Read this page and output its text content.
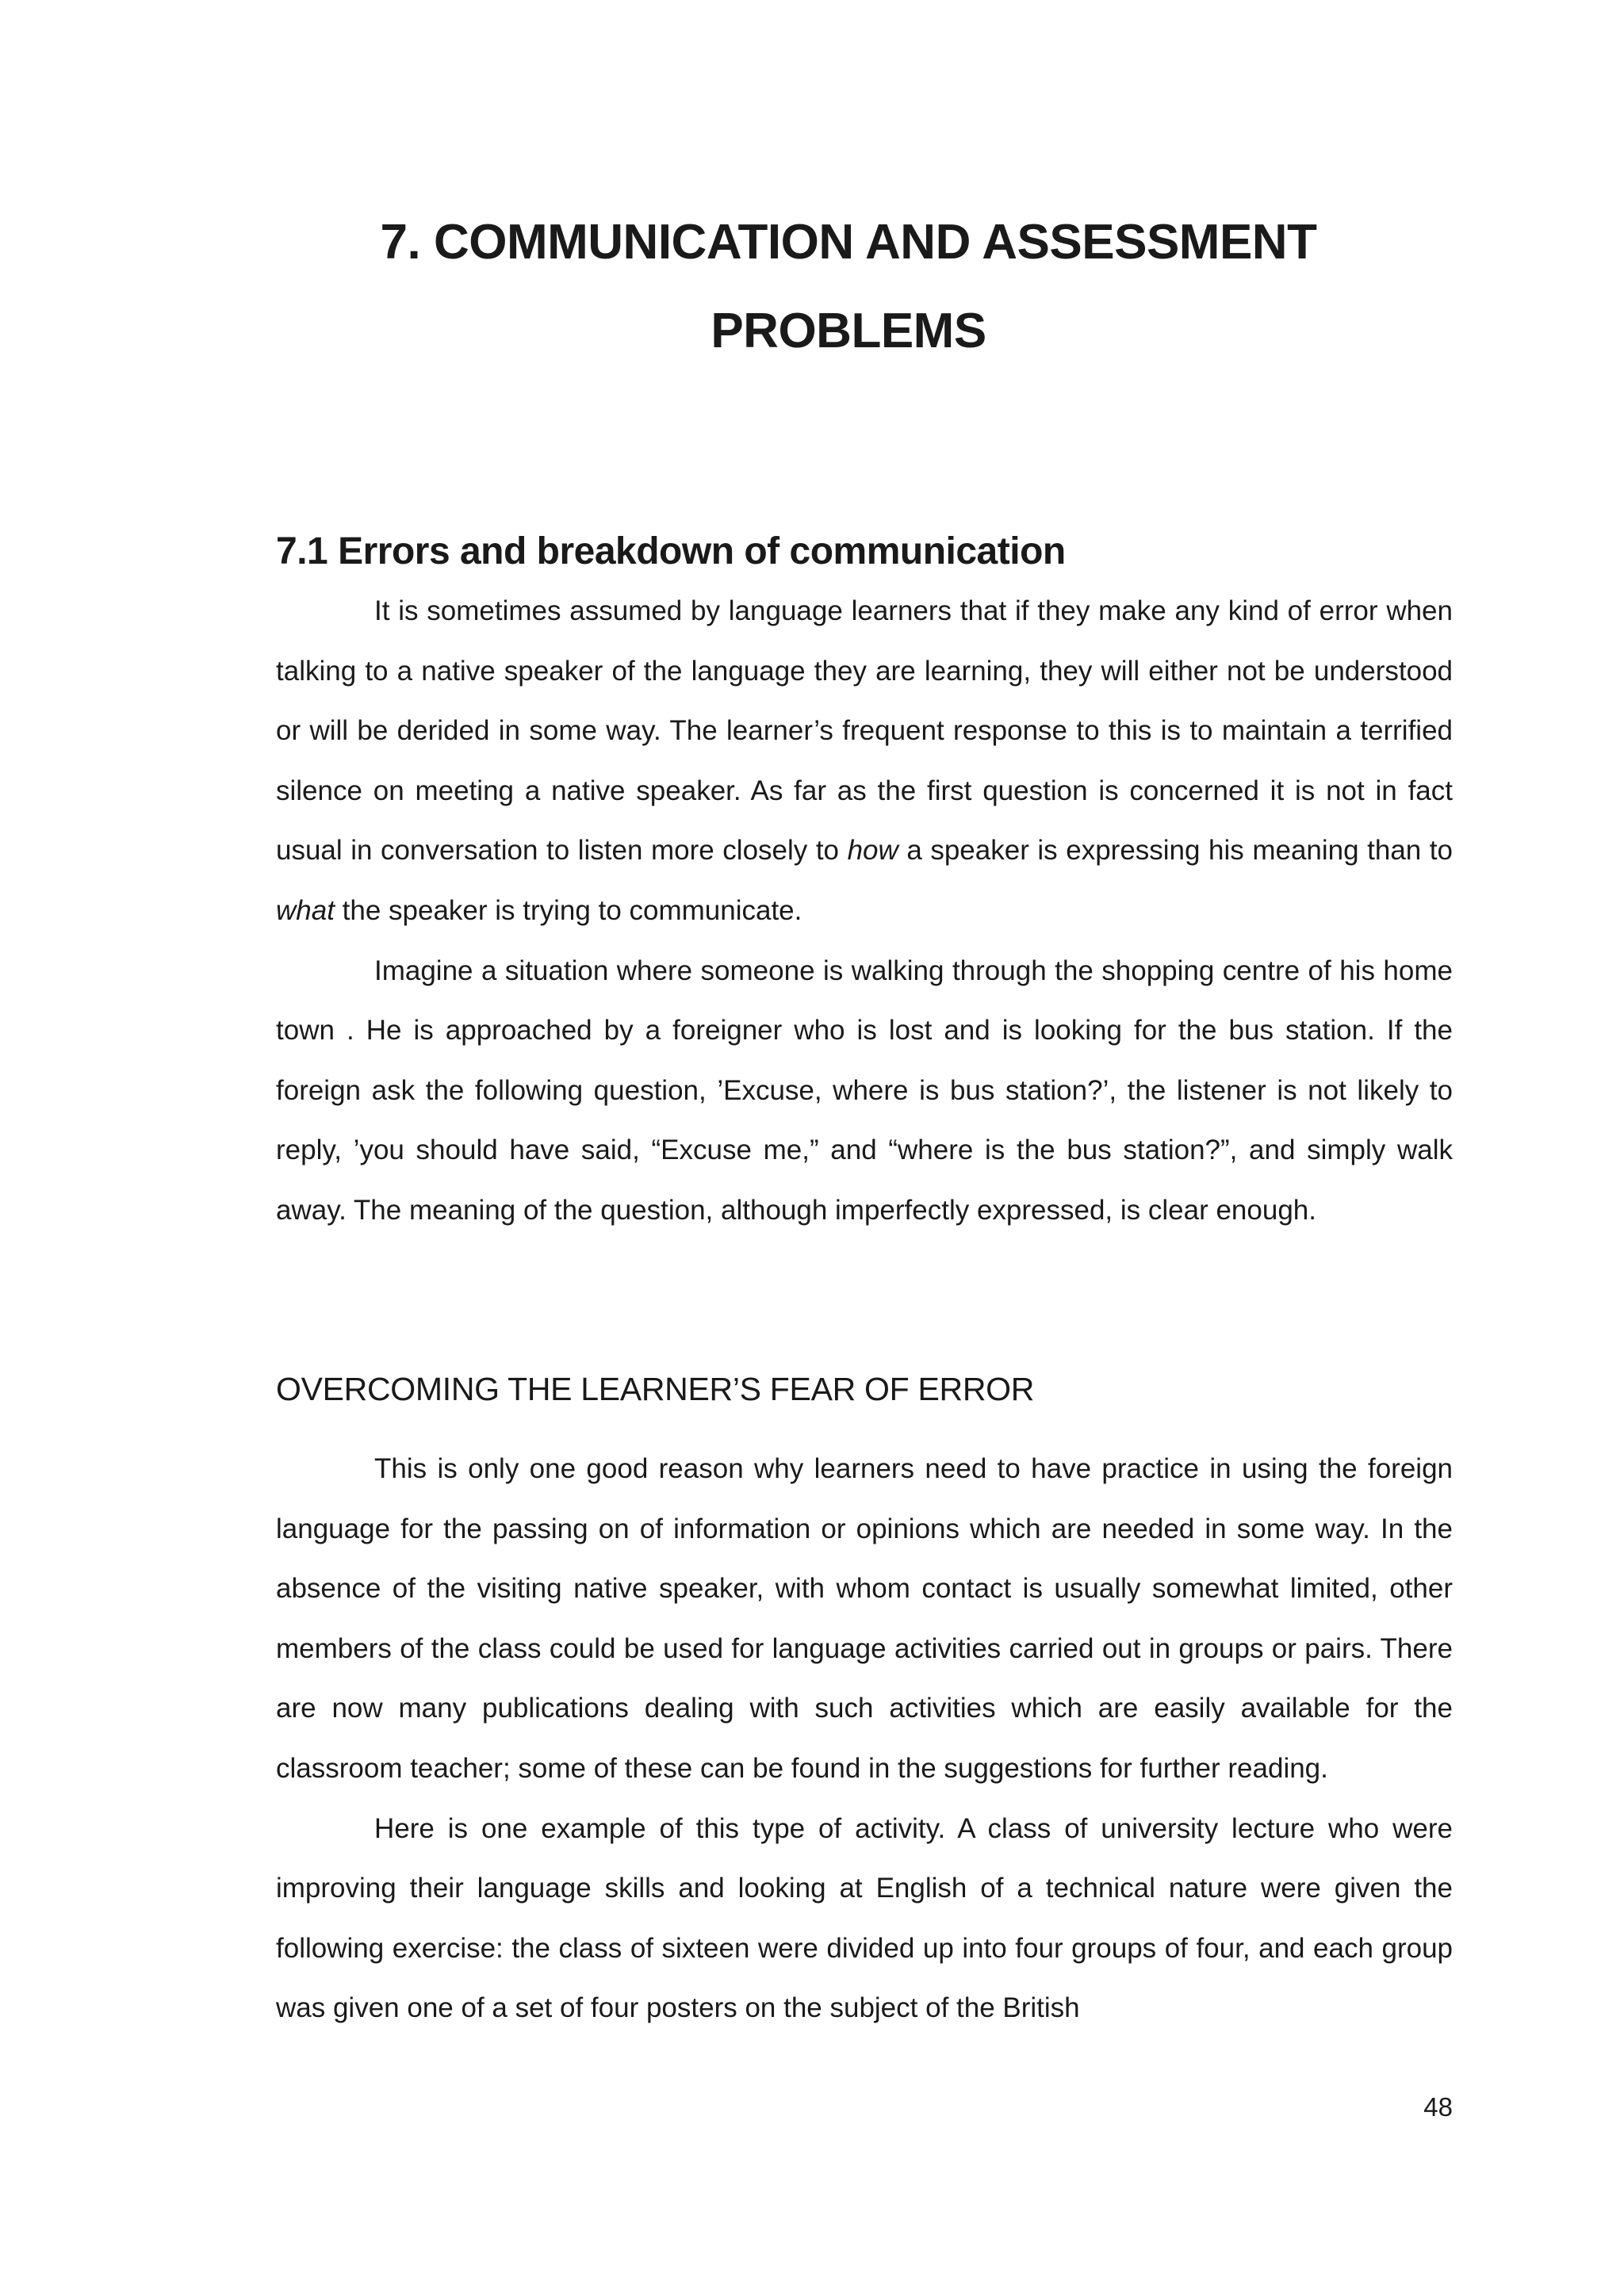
7. COMMUNICATION AND ASSESSMENT
PROBLEMS
7.1 Errors and breakdown of communication

It is sometimes assumed by language learners that if they make any kind of error when talking to a native speaker of the language they are learning, they will either not be understood or will be derided in some way. The learner’s frequent response to this is to maintain a terrified silence on meeting a native speaker. As far as the first question is concerned it is not in fact usual in conversation to listen more closely to how a speaker is expressing his meaning than to what the speaker is trying to communicate.

Imagine a situation where someone is walking through the shopping centre of his home town . He is approached by a foreigner who is lost and is looking for the bus station. If the foreign ask the following question, ’Excuse, where is bus station?’, the listener is not likely to reply, ’you should have said, “Excuse me,” and “where is the bus station?”, and simply walk away. The meaning of the question, although imperfectly expressed, is clear enough.

OVERCOMING THE LEARNER’S FEAR OF ERROR

This is only one good reason why learners need to have practice in using the foreign language for the passing on of information or opinions which are needed in some way. In the absence of the visiting native speaker, with whom contact is usually somewhat limited, other members of the class could be used for language activities carried out in groups or pairs. There are now many publications dealing with such activities which are easily available for the classroom teacher; some of these can be found in the suggestions for further reading.

Here is one example of this type of activity. A class of university lecture who were improving their language skills and looking at English of a technical nature were given the following exercise: the class of sixteen were divided up into four groups of four, and each group was given one of a set of four posters on the subject of the British

48
